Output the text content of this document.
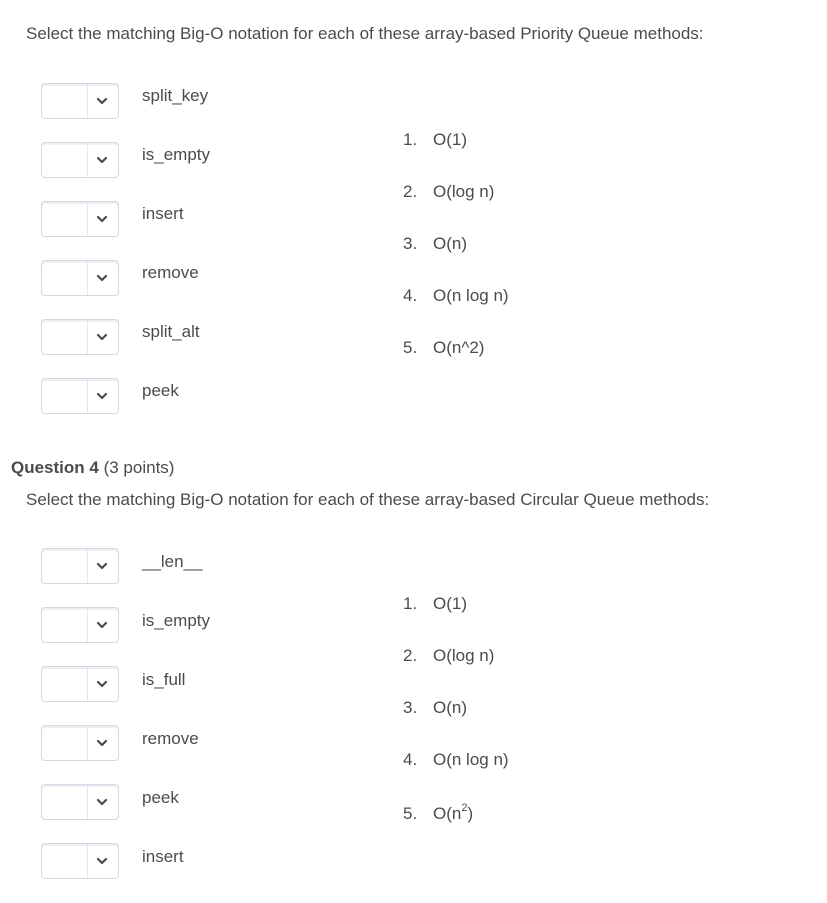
Select the matching Big-O notation for each of these array-based Priority Queue methods:
split_key
is_empty
insert
remove
split_alt
peek
1. O(1)
2. O(log n)
3. O(n)
4. O(n log n)
5. O(n^2)
Question 4 (3 points)
Select the matching Big-O notation for each of these array-based Circular Queue methods:
__len__
is_empty
is_full
remove
peek
insert
1. O(1)
2. O(log n)
3. O(n)
4. O(n log n)
5. $O(n^2)$
